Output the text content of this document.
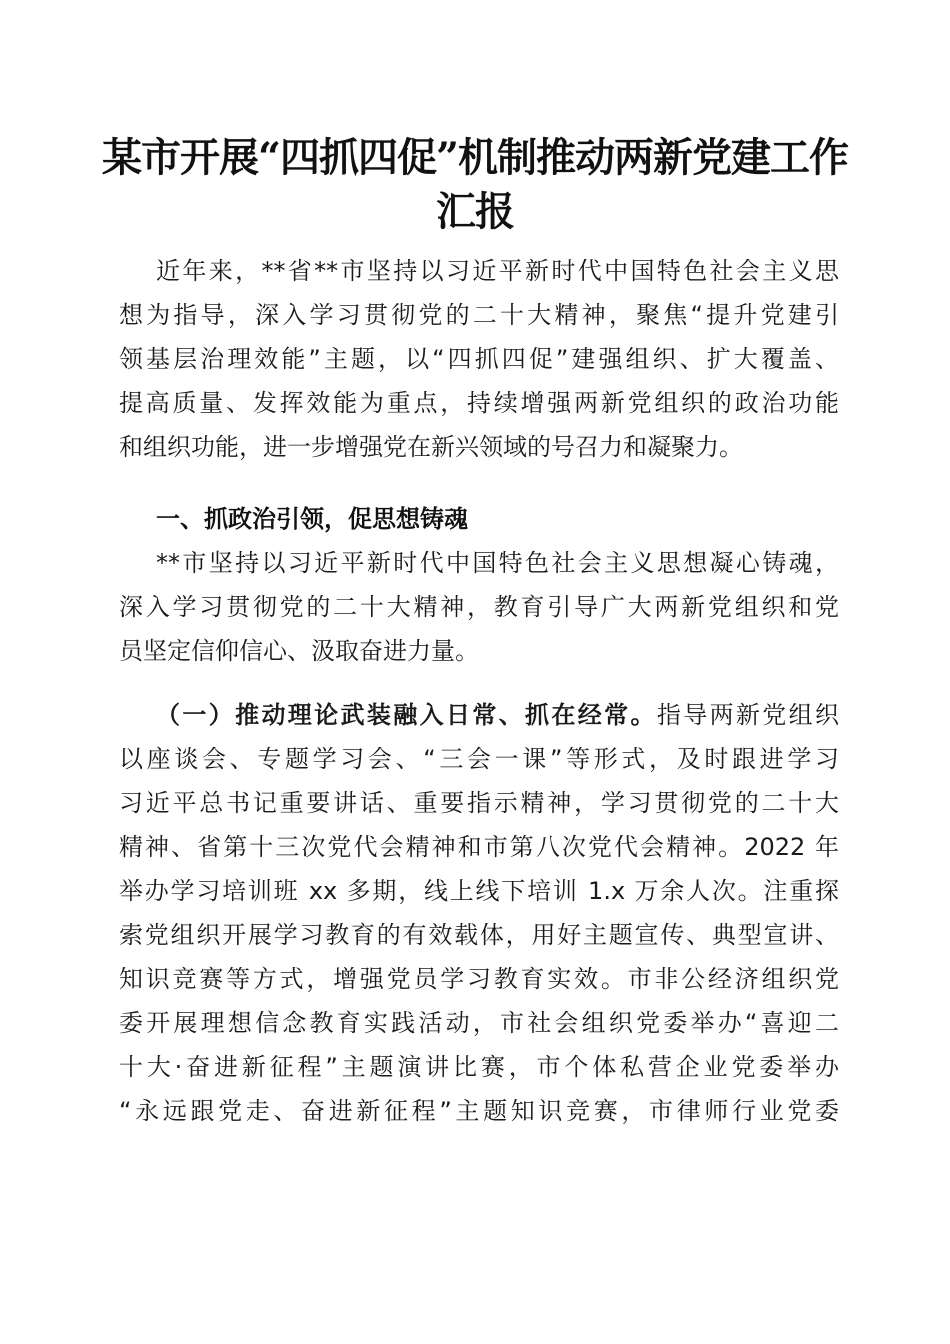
某市开展“四抓四促”机制推动两新党建工作
汇报
近年来，**省**市坚持以习近平新时代中国特色社会主义思
想为指导，深入学习贯彻党的二十大精神，聚焦“提升党建引
领基层治理效能”主题，以“四抓四促”建强组织、扩大覆盖、
提高质量、发挥效能为重点，持续增强两新党组织的政治功能
和组织功能，进一步增强党在新兴领域的号召力和凝聚力。
一、抓政治引领，促思想铸魂
**市坚持以习近平新时代中国特色社会主义思想凝心铸魂，
深入学习贯彻党的二十大精神，教育引导广大两新党组织和党
员坚定信仰信心、汲取奋进力量。
（一）推动理论武装融入日常、抓在经常。指导两新党组织
以座谈会、专题学习会、“三会一课”等形式，及时跟进学习
习近平总书记重要讲话、重要指示精神，学习贯彻党的二十大
精神、省第十三次党代会精神和市第八次党代会精神。2022 年
举办学习培训班 xx 多期，线上线下培训 1.x 万余人次。注重探
索党组织开展学习教育的有效载体，用好主题宣传、典型宣讲、
知识竞赛等方式，增强党员学习教育实效。市非公经济组织党
委开展理想信念教育实践活动，市社会组织党委举办“喜迎二
十大·奋进新征程”主题演讲比赛，市个体私营企业党委举办
“永远跟党走、奋进新征程”主题知识竞赛，市律师行业党委
